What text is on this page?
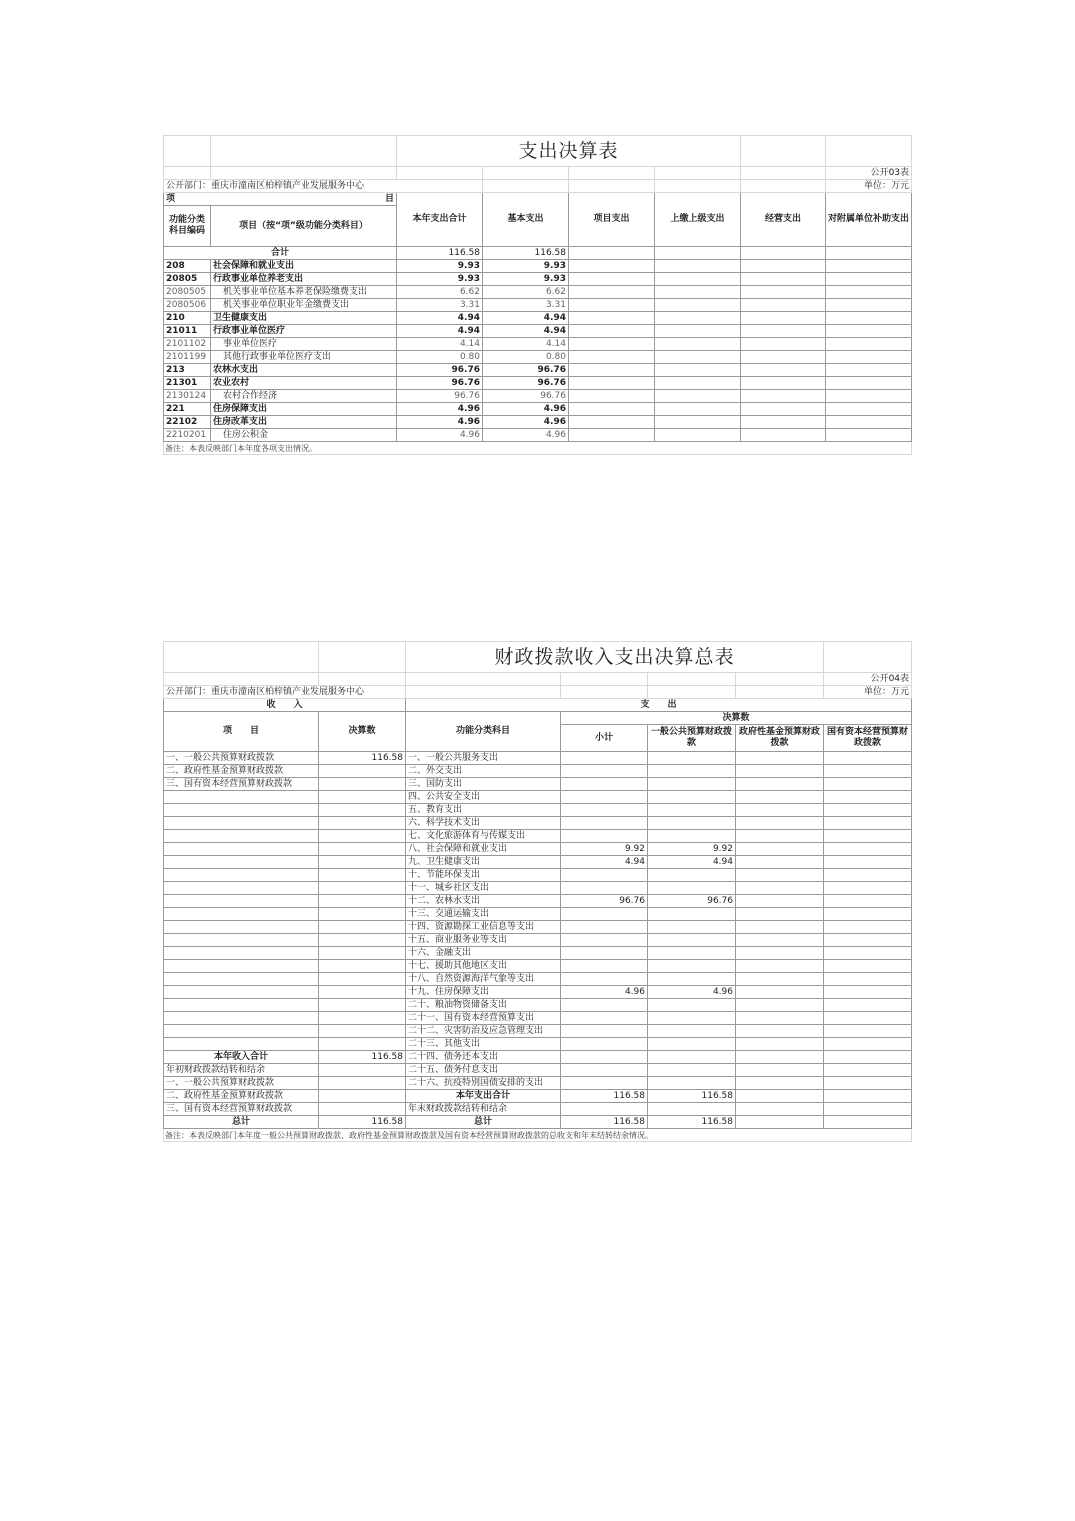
		支出决算表					
							公开03表
公开部门：重庆市潼南区柏梓镇产业发展服务中心							单位：万元
项 目		本年支出合计	基本支出	项目支出	上缴上级支出	经营支出	对附属单位补助支出
功能分类科目编码	项目（按“项”级功能分类科目）						
合计		116.58	116.58				
208	社会保障和就业支出	9.93	9.93				
20805	行政事业单位养老支出	9.93	9.93				
2080505	机关事业单位基本养老保险缴费支出	6.62	6.62				
2080506	机关事业单位职业年金缴费支出	3.31	3.31				
210	卫生健康支出	4.94	4.94				
21011	行政事业单位医疗	4.94	4.94				
2101102	事业单位医疗	4.14	4.14				
2101199	其他行政事业单位医疗支出	0.80	0.80				
213	农林水支出	96.76	96.76				
21301	农业农村	96.76	96.76				
2130124	农村合作经济	96.76	96.76				
221	住房保障支出	4.96	4.96				
22102	住房改革支出	4.96	4.96				
2210201	住房公积金	4.96	4.96				
备注：本表反映部门本年度各项支出情况。							
		财政拨款收入支出决算总表				
						公开04表
公开部门：重庆市潼南区柏梓镇产业发展服务中心						单位：万元
收　　入		支　　出				
项　　目	决算数	功能分类科目	决算数			
			小计	一般公共预算财政拨款	政府性基金预算财政拨款	国有资本经营预算财政拨款
一、一般公共预算财政拨款	116.58	一、一般公共服务支出				
二、政府性基金预算财政拨款		二、外交支出				
三、国有资本经营预算财政拨款		三、国防支出				
		四、公共安全支出				
		五、教育支出				
		六、科学技术支出				
		七、文化旅游体育与传媒支出				
		八、社会保障和就业支出	9.92	9.92		
		九、卫生健康支出	4.94	4.94		
		十、节能环保支出				
		十一、城乡社区支出				
		十二、农林水支出	96.76	96.76		
		十三、交通运输支出				
		十四、资源勘探工业信息等支出				
		十五、商业服务业等支出				
		十六、金融支出				
		十七、援助其他地区支出				
		十八、自然资源海洋气象等支出				
		十九、住房保障支出	4.96	4.96		
		二十、粮油物资储备支出				
		二十一、国有资本经营预算支出				
		二十二、灾害防治及应急管理支出				
		二十三、其他支出				
本年收入合计	116.58	二十四、债务还本支出				
年初财政拨款结转和结余		二十五、债务付息支出				
一、一般公共预算财政拨款		二十六、抗疫特别国债安排的支出				
二、政府性基金预算财政拨款		本年支出合计	116.58	116.58		
三、国有资本经营预算财政拨款		年末财政拨款结转和结余				
总计	116.58	总计	116.58	116.58		
备注：本表反映部门本年度一般公共预算财政拨款、政府性基金预算财政拨款及国有资本经营预算财政拨款的总收支和年末结转结余情况。						
